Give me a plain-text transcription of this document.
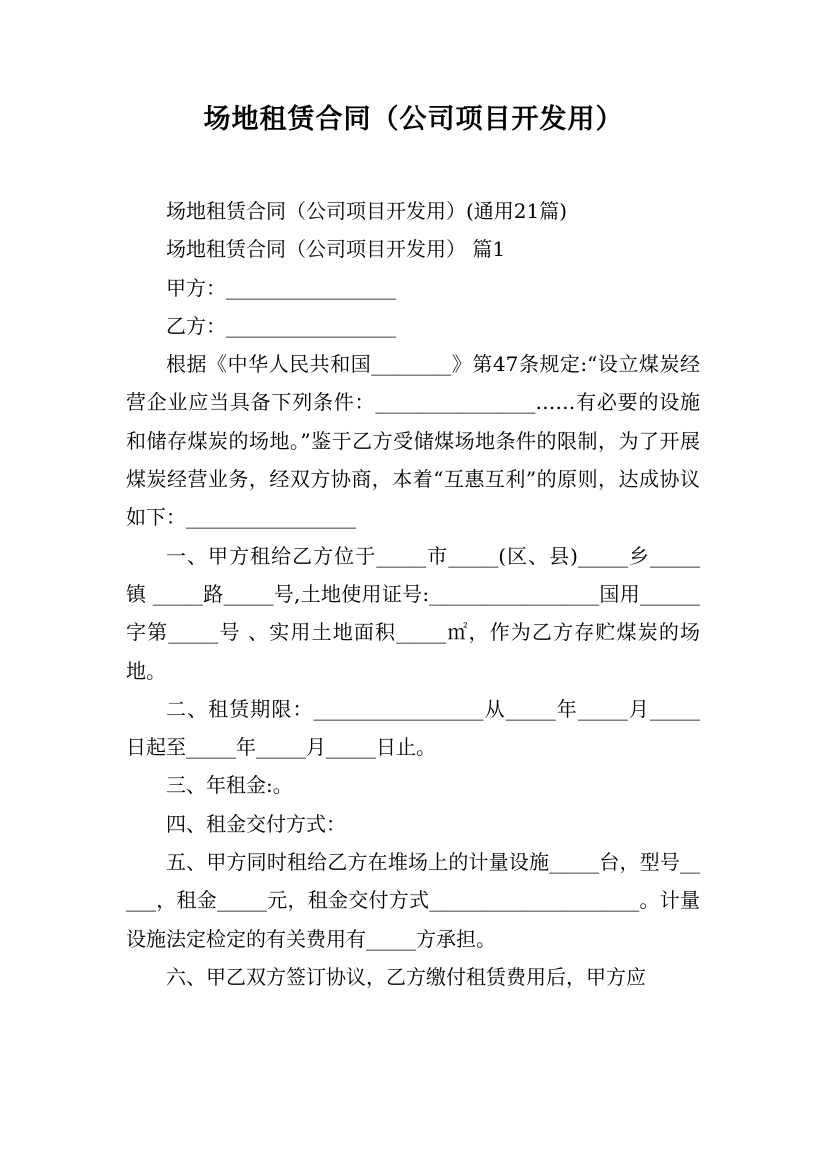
场地租赁合同（公司项目开发用）

场地租赁合同（公司项目开发用）(通用21篇)

场地租赁合同（公司项目开发用） 篇1

甲方：_________________

乙方：_________________

根据《中华人民共和国________》第47条规定:“设立煤炭经营企业应当具备下列条件：________________……有必要的设施和储存煤炭的场地。”鉴于乙方受储煤场地条件的限制，为了开展煤炭经营业务，经双方协商，本着“互惠互利”的原则，达成协议如下：_________________

一、甲方租给乙方位于_____市_____(区、县)_____乡_____镇 _____路_____号,土地使用证号:_________________国用______字第_____号 、实用土地面积_____㎡，作为乙方存贮煤炭的场地。

二、租赁期限：_________________从_____年_____月_____日起至_____年_____月_____日止。

三、年租金:。

四、租金交付方式：

五、甲方同时租给乙方在堆场上的计量设施_____台，型号_____，租金_____元，租金交付方式_____________________。计量设施法定检定的有关费用有_____方承担。

六、甲乙双方签订协议，乙方缴付租赁费用后，甲方应
